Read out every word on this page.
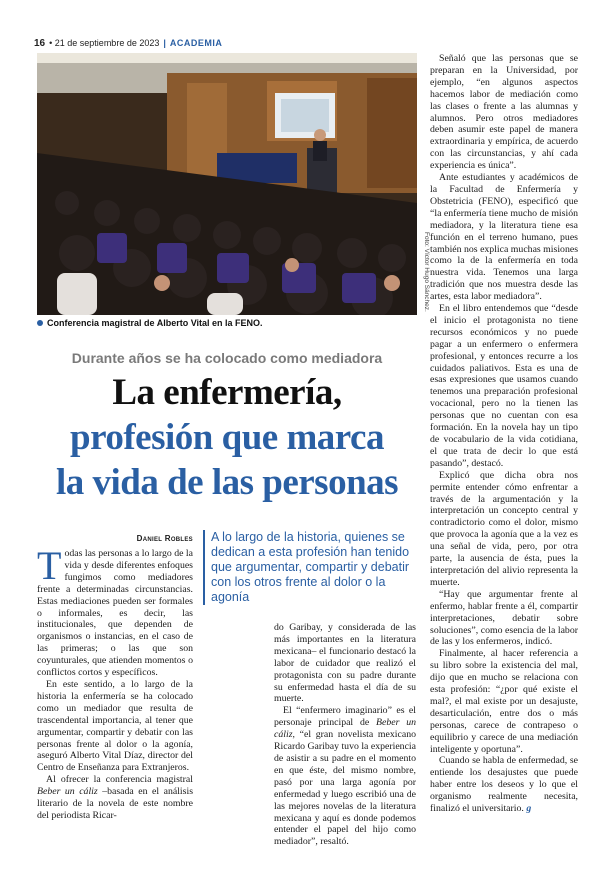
16 • 21 de septiembre de 2023 | ACADEMIA
Foto: Víctor Hugo Sánchez.
Conferencia magistral de Alberto Vital en la FENO.
Durante años se ha colocado como mediadora
La enfermería,
profesión que marca
la vida de las personas
Daniel Robles	A lo largo de la historia, quienes se dedican a esta profesión han tenido que argumentar, compartir y debatir con los otros frente al dolor o la agonía

Todas las personas a lo largo de la vida y desde diferentes enfoques fungimos como mediadores frente a determinadas circunstancias. Estas mediaciones pueden ser formales o informales, es decir, las institucionales, que dependen de organismos o instancias, en el caso de las primeras; o las que son coyunturales, que atienden momentos o conflictos cortos y específicos.

En este sentido, a lo largo de la historia la enfermería se ha colocado como un mediador que resulta de trascendental importancia, al tener que argumentar, compartir y debatir con las personas frente al dolor o la agonía, aseguró Alberto Vital Díaz, director del Centro de Enseñanza para Extranjeros.

Al ofrecer la conferencia magistral Beber un cáliz –basada en el análisis literario de la novela de este nombre del periodista Ricar-

do Garibay, y considerada de las más importantes en la literatura mexicana– el funcionario destacó la labor de cuidador que realizó el protagonista con su padre durante su enfermedad hasta el día de su muerte.

El “enfermero imaginario” es el personaje principal de Beber un cáliz, “el gran novelista mexicano Ricardo Garibay tuvo la experiencia de asistir a su padre en el momento en que éste, del mismo nombre, pasó por una larga agonía por enfermedad y luego escribió una de las mejores novelas de la literatura mexicana y aquí es donde podemos entender el papel del hijo como mediador”, resaltó.

Señaló que las personas que se preparan en la Universidad, por ejemplo, “en algunos aspectos hacemos labor de mediación como las clases o frente a las alumnas y alumnos. Pero otros mediadores deben asumir este papel de manera extraordinaria y empírica, de acuerdo con las circunstancias, y ahí cada experiencia es única”.

Ante estudiantes y académicos de la Facultad de Enfermería y Obstetricia (FENO), especificó que “la enfermería tiene mucho de misión mediadora, y la literatura tiene esa función en el terreno humano, pues también nos explica muchas misiones como la de la enfermería en toda nuestra vida. Tenemos una larga tradición que nos muestra desde las artes, esta labor mediadora”.

En el libro entendemos que “desde el inicio el protagonista no tiene recursos económicos y no puede pagar a un enfermero o enfermera profesional, y entonces recurre a los cuidados paliativos. Esta es una de esas expresiones que usamos cuando tenemos una preparación profesional vocacional, pero no la tienen las personas que no cuentan con esa formación. En la novela hay un tipo de vocabulario de la vida cotidiana, el que trata de decir lo que está pasando”, destacó.

Explicó que dicha obra nos permite entender cómo enfrentar a través de la argumentación y la interpretación un concepto central y contradictorio como el dolor, mismo que provoca la agonía que a la vez es una señal de vida, pero, por otra parte, la ausencia de ésta, pues la interpretación del alivio representa la muerte.

“Hay que argumentar frente al enfermo, hablar frente a él, compartir interpretaciones, debatir sobre soluciones”, como esencia de la labor de las y los enfermeros, indicó.

Finalmente, al hacer referencia a su libro sobre la existencia del mal, dijo que en mucho se relaciona con esta profesión: “¿por qué existe el mal?, el mal existe por un desajuste, desarticulación, entre dos o más personas, carece de contrapeso o equilibrio y carece de una mediación inteligente y oportuna”.

Cuando se habla de enfermedad, se entiende los desajustes que puede haber entre los deseos y lo que el organismo realmente necesita, finalizó el universitario. g
